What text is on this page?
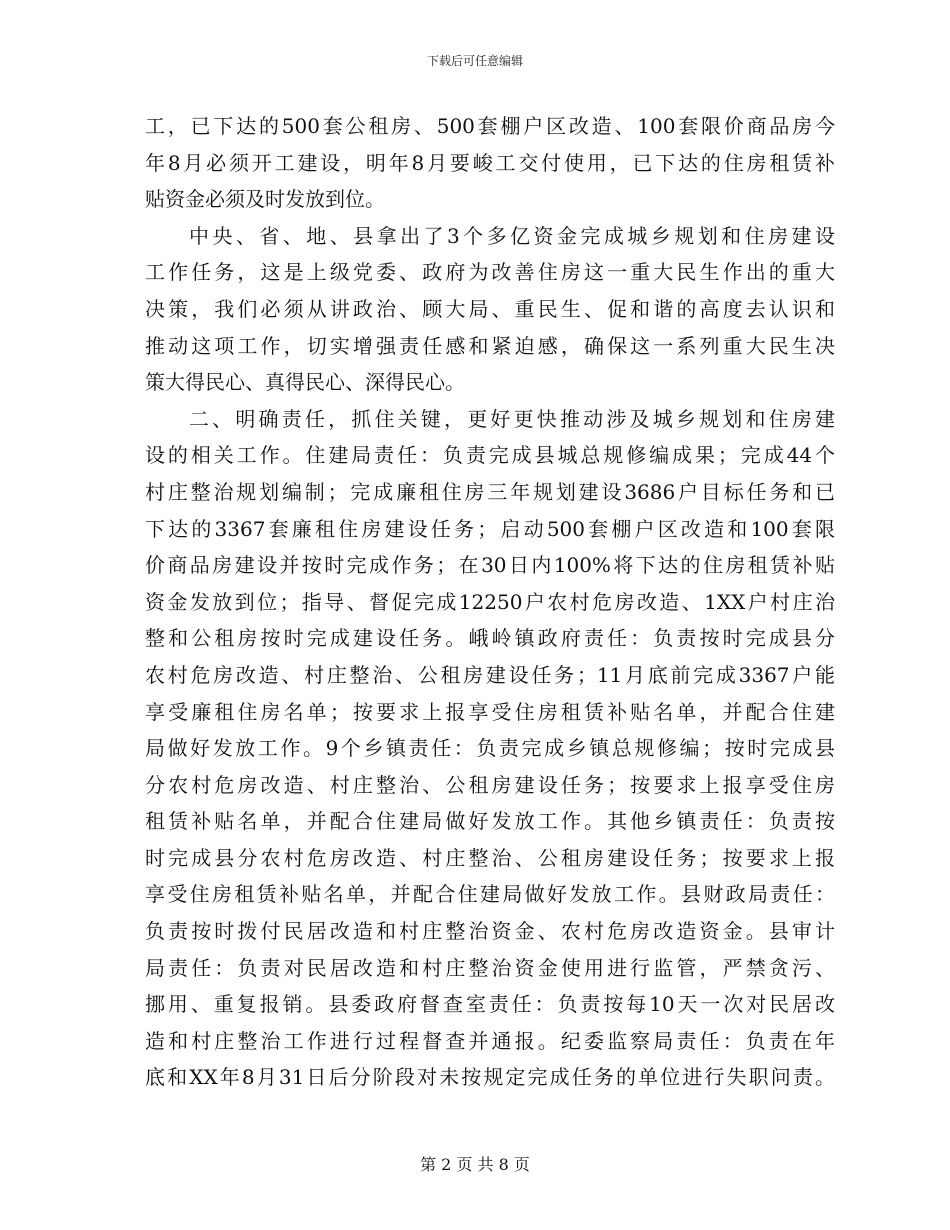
下载后可任意编辑
工，已下达的500套公租房、500套棚户区改造、100套限价商品房今
年8月必须开工建设，明年8月要峻工交付使用，已下达的住房租赁补
贴资金必须及时发放到位。
中央、省、地、县拿出了3个多亿资金完成城乡规划和住房建设
工作任务，这是上级党委、政府为改善住房这一重大民生作出的重大
决策，我们必须从讲政治、顾大局、重民生、促和谐的高度去认识和
推动这项工作，切实增强责任感和紧迫感，确保这一系列重大民生决
策大得民心、真得民心、深得民心。
二、明确责任，抓住关键，更好更快推动涉及城乡规划和住房建
设的相关工作。住建局责任：负责完成县城总规修编成果；完成44个
村庄整治规划编制；完成廉租住房三年规划建设3686户目标任务和已
下达的3367套廉租住房建设任务；启动500套棚户区改造和100套限
价商品房建设并按时完成作务；在30日内100%将下达的住房租赁补贴
资金发放到位；指导、督促完成12250户农村危房改造、1XX户村庄治
整和公租房按时完成建设任务。峨岭镇政府责任：负责按时完成县分
农村危房改造、村庄整治、公租房建设任务；11月底前完成3367户能
享受廉租住房名单；按要求上报享受住房租赁补贴名单，并配合住建
局做好发放工作。9个乡镇责任：负责完成乡镇总规修编；按时完成县
分农村危房改造、村庄整治、公租房建设任务；按要求上报享受住房
租赁补贴名单，并配合住建局做好发放工作。其他乡镇责任：负责按
时完成县分农村危房改造、村庄整治、公租房建设任务；按要求上报
享受住房租赁补贴名单，并配合住建局做好发放工作。县财政局责任：
负责按时拨付民居改造和村庄整治资金、农村危房改造资金。县审计
局责任：负责对民居改造和村庄整治资金使用进行监管，严禁贪污、
挪用、重复报销。县委政府督查室责任：负责按每10天一次对民居改
造和村庄整治工作进行过程督查并通报。纪委监察局责任：负责在年
底和XX年8月31日后分阶段对未按规定完成任务的单位进行失职问责。
第 2 页 共 8 页
